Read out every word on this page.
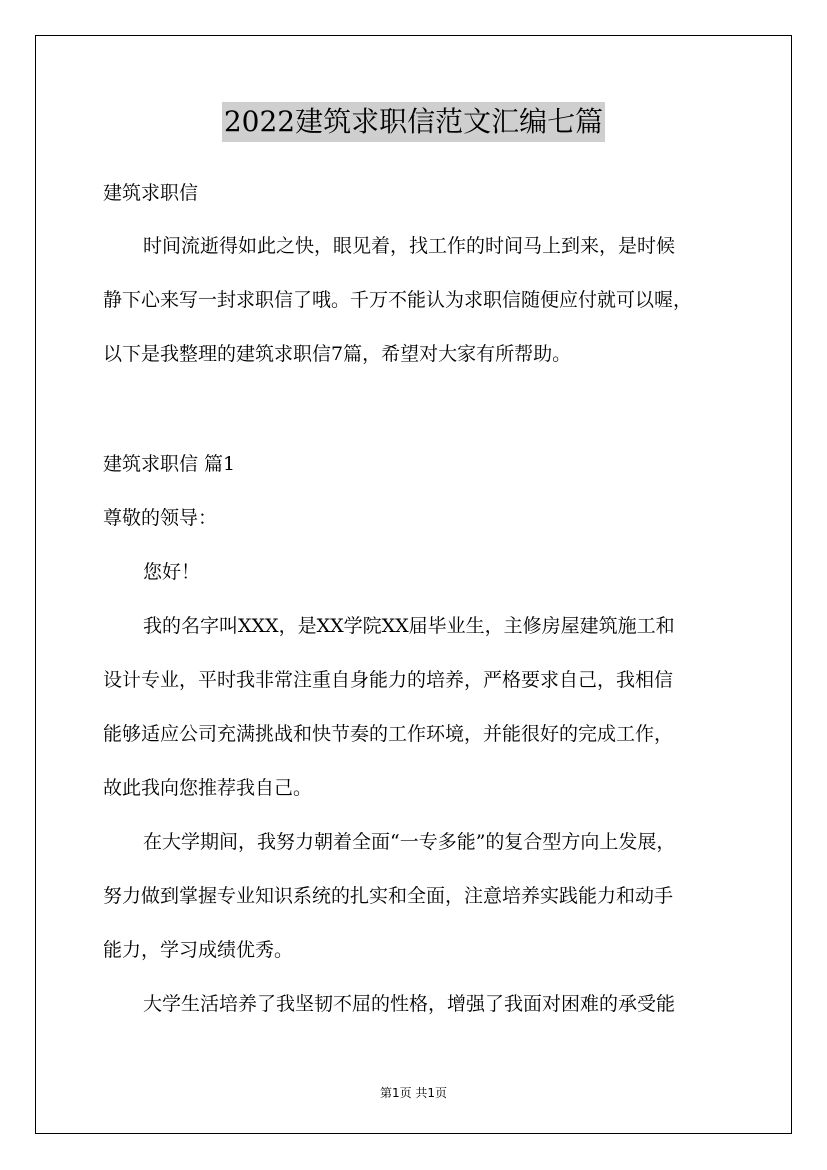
2022建筑求职信范文汇编七篇
建筑求职信
时间流逝得如此之快，眼见着，找工作的时间马上到来，是时候
静下心来写一封求职信了哦。千万不能认为求职信随便应付就可以喔，
以下是我整理的建筑求职信7篇，希望对大家有所帮助。
建筑求职信 篇1
尊敬的领导：
您好！
我的名字叫XXX，是XX学院XX届毕业生，主修房屋建筑施工和
设计专业，平时我非常注重自身能力的培养，严格要求自己，我相信
能够适应公司充满挑战和快节奏的工作环境，并能很好的完成工作，
故此我向您推荐我自己。
在大学期间，我努力朝着全面“一专多能”的复合型方向上发展，
努力做到掌握专业知识系统的扎实和全面，注意培养实践能力和动手
能力，学习成绩优秀。
大学生活培养了我坚韧不屈的性格，增强了我面对困难的承受能
第1页 共1页
